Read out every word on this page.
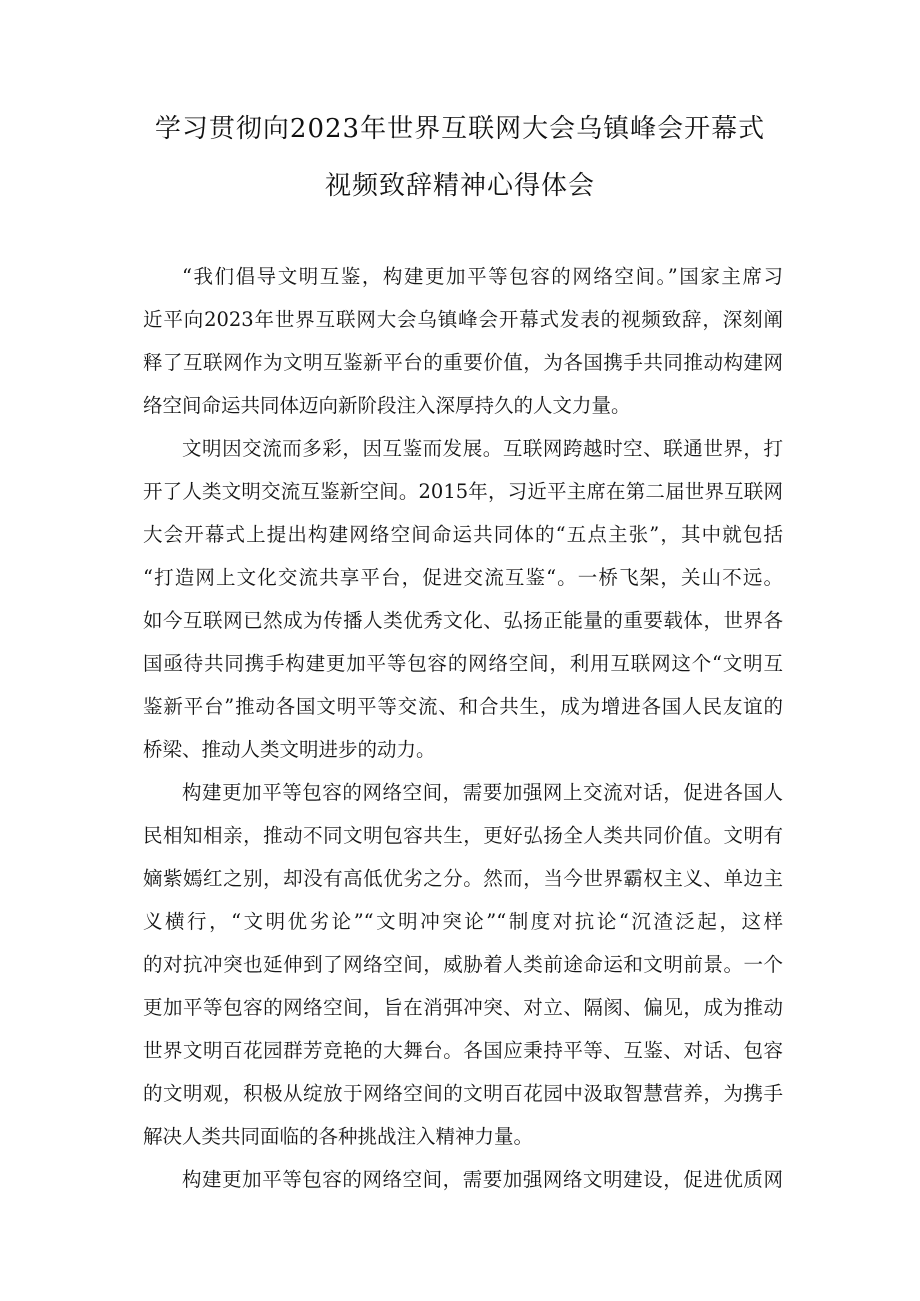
学习贯彻向2023年世界互联网大会乌镇峰会开幕式
视频致辞精神心得体会
“我们倡导文明互鉴，构建更加平等包容的网络空间。”国家主席习
近平向2023年世界互联网大会乌镇峰会开幕式发表的视频致辞，深刻阐
释了互联网作为文明互鉴新平台的重要价值，为各国携手共同推动构建网
络空间命运共同体迈向新阶段注入深厚持久的人文力量。
文明因交流而多彩，因互鉴而发展。互联网跨越时空、联通世界，打
开了人类文明交流互鉴新空间。2015年，习近平主席在第二届世界互联网
大会开幕式上提出构建网络空间命运共同体的“五点主张”，其中就包括
“打造网上文化交流共享平台，促进交流互鉴“。一桥飞架，关山不远。
如今互联网已然成为传播人类优秀文化、弘扬正能量的重要载体，世界各
国亟待共同携手构建更加平等包容的网络空间，利用互联网这个“文明互
鉴新平台”推动各国文明平等交流、和合共生，成为增进各国人民友谊的
桥梁、推动人类文明进步的动力。
构建更加平等包容的网络空间，需要加强网上交流对话，促进各国人
民相知相亲，推动不同文明包容共生，更好弘扬全人类共同价值。文明有
嫡紫嫣红之别，却没有高低优劣之分。然而，当今世界霸权主义、单边主
义横行，“文明优劣论”“文明冲突论”“制度对抗论“沉渣泛起，这样
的对抗冲突也延伸到了网络空间，威胁着人类前途命运和文明前景。一个
更加平等包容的网络空间，旨在消弭冲突、对立、隔阂、偏见，成为推动
世界文明百花园群芳竞艳的大舞台。各国应秉持平等、互鉴、对话、包容
的文明观，积极从绽放于网络空间的文明百花园中汲取智慧营养，为携手
解决人类共同面临的各种挑战注入精神力量。
构建更加平等包容的网络空间，需要加强网络文明建设，促进优质网
